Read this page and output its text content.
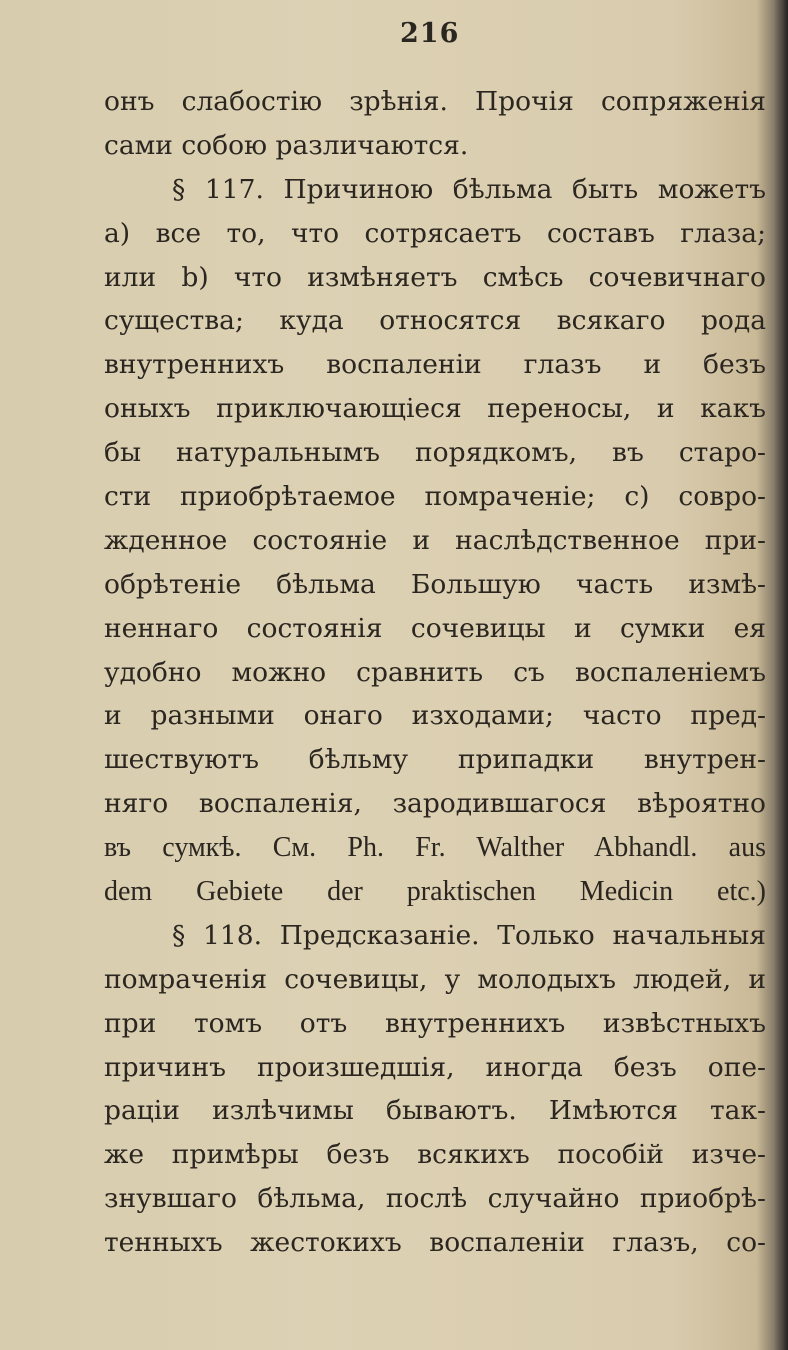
216
онъ слабостію зрѣнія. Прочія сопряженія
сами собою различаются.
§ 117. Причиною бѣльма быть можетъ
а) все то, что сотрясаетъ составъ глаза;
или b) что измѣняетъ смѣсь сочевичнаго
существа; куда относятся всякаго рода
внутреннихъ воспаленіи глазъ и безъ
оныхъ приключающіеся переносы, и какъ
бы натуральнымъ порядкомъ, въ старо-
сти приобрѣтаемое помраченіе; с) совро-
жденное состояніе и наслѣдственное при-
обрѣтеніе бѣльма Большую часть измѣ-
неннаго состоянія сочевицы и сумки ея
удобно можно сравнить съ воспаленіемъ
и разными онаго изходами; часто пред-
шествуютъ бѣльму припадки внутрен-
няго воспаленія, зародившагося вѣроятно
въ сумкѣ. См. Ph. Fr. Walther Abhandl. aus
dem Gebiete der praktischen Medicin etc.)
§ 118. Предсказаніе. Только начальныя
помраченія сочевицы, у молодыхъ людей, и
при томъ отъ внутреннихъ извѣстныхъ
причинъ произшедшія, иногда безъ опе-
раціи излѣчимы бываютъ. Имѣются так-
же примѣры безъ всякихъ пособій изче-
знувшаго бѣльма, послѣ случайно приобрѣ-
тенныхъ жестокихъ воспаленіи глазъ, со-
